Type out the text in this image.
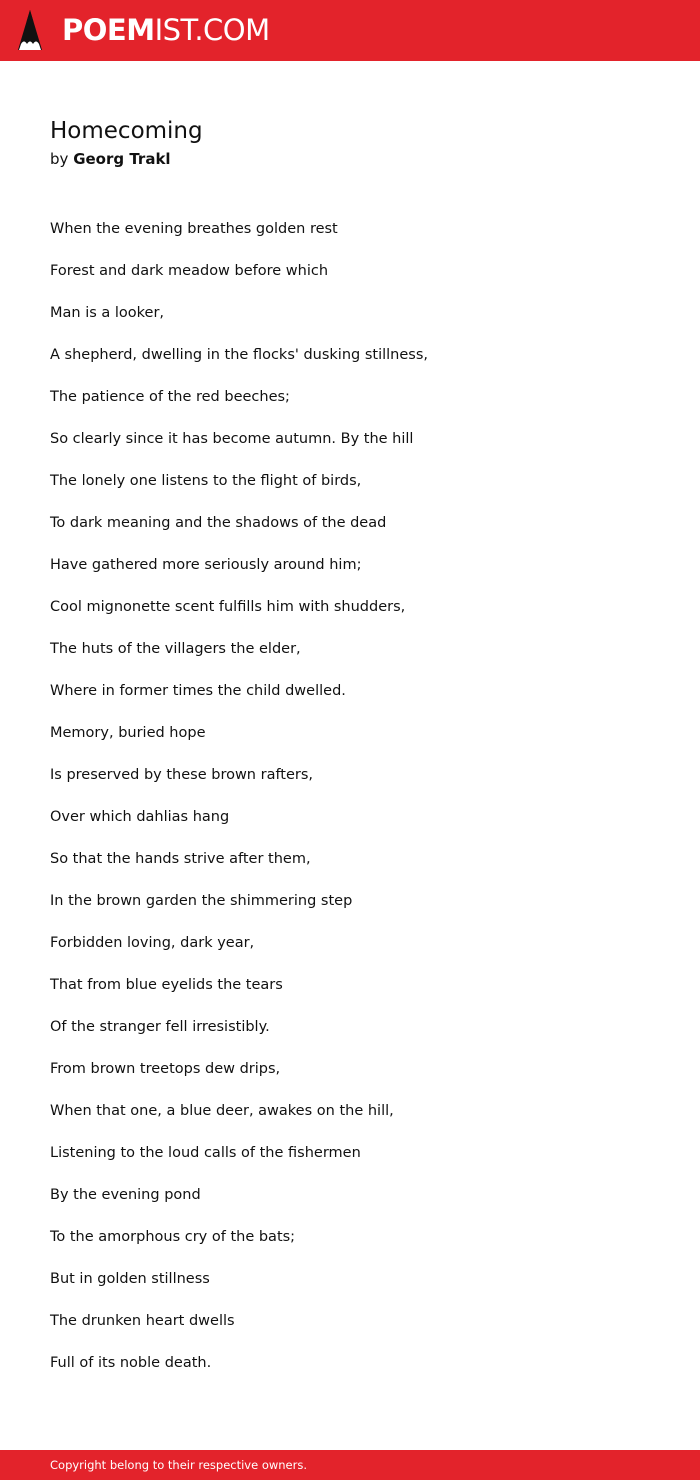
POEMIST.COM
Homecoming
by Georg Trakl
When the evening breathes golden rest
Forest and dark meadow before which
Man is a looker,
A shepherd, dwelling in the flocks' dusking stillness,
The patience of the red beeches;
So clearly since it has become autumn. By the hill
The lonely one listens to the flight of birds,
To dark meaning and the shadows of the dead
Have gathered more seriously around him;
Cool mignonette scent fulfills him with shudders,
The huts of the villagers the elder,
Where in former times the child dwelled.
Memory, buried hope
Is preserved by these brown rafters,
Over which dahlias hang
So that the hands strive after them,
In the brown garden the shimmering step
Forbidden loving, dark year,
That from blue eyelids the tears
Of the stranger fell irresistibly.
From brown treetops dew drips,
When that one, a blue deer, awakes on the hill,
Listening to the loud calls of the fishermen
By the evening pond
To the amorphous cry of the bats;
But in golden stillness
The drunken heart dwells
Full of its noble death.
Copyright belong to their respective owners.
